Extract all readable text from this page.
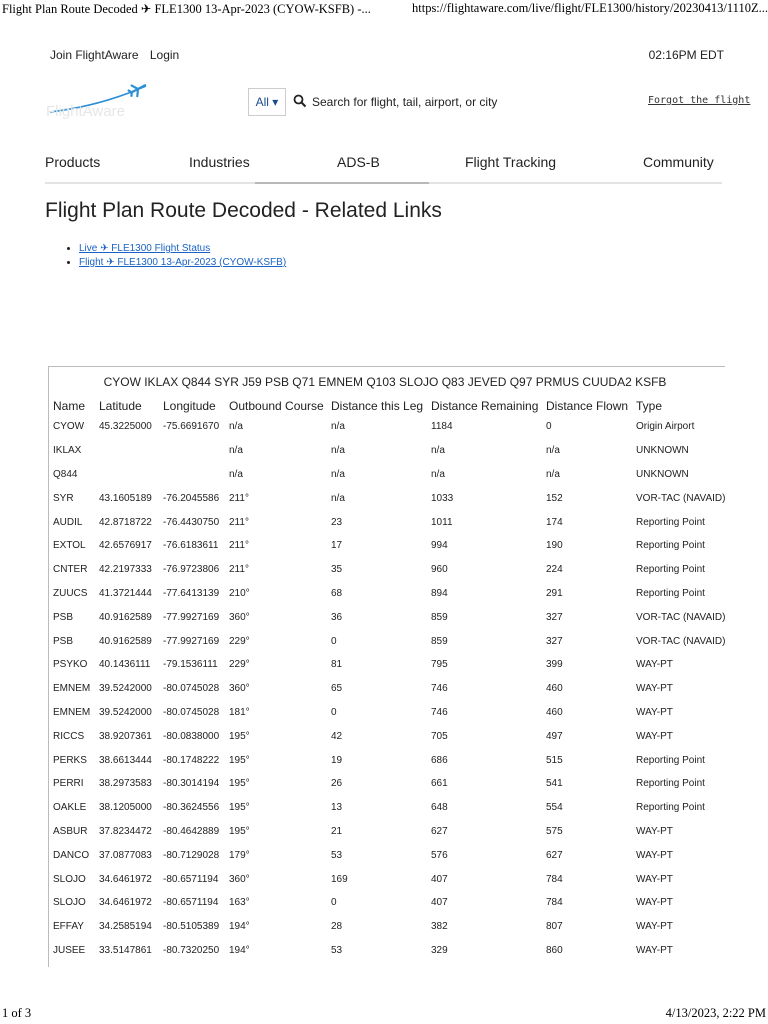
Flight Plan Route Decoded ✈ FLE1300 13-Apr-2023 (CYOW-KSFB) -...	https://flightaware.com/live/flight/FLE1300/history/20230413/1110Z...
Join FlightAware Login	02:16PM EDT
FlightAware
All ▾	Search for flight, tail, airport, or city	Forgot the flight
Products	Industries	ADS-B	Flight Tracking	Community
Flight Plan Route Decoded - Related Links
• Live ✈ FLE1300 Flight Status
• Flight ✈ FLE1300 13-Apr-2023 (CYOW-KSFB)
CYOW IKLAX Q844 SYR J59 PSB Q71 EMNEM Q103 SLOJO Q83 JEVED Q97 PRMUS CUUDA2 KSFB
Name	Latitude	Longitude	Outbound Course	Distance this Leg	Distance Remaining	Distance Flown	Type
CYOW	45.3225000	-75.6691670	n/a	n/a	1184	0	Origin Airport
IKLAX			n/a	n/a	n/a	n/a	UNKNOWN
Q844			n/a	n/a	n/a	n/a	UNKNOWN
SYR	43.1605189	-76.2045586	211°	n/a	1033	152	VOR-TAC (NAVAID)
AUDIL	42.8718722	-76.4430750	211°	23	1011	174	Reporting Point
EXTOL	42.6576917	-76.6183611	211°	17	994	190	Reporting Point
CNTER	42.2197333	-76.9723806	211°	35	960	224	Reporting Point
ZUUCS	41.3721444	-77.6413139	210°	68	894	291	Reporting Point
PSB	40.9162589	-77.9927169	360°	36	859	327	VOR-TAC (NAVAID)
PSB	40.9162589	-77.9927169	229°	0	859	327	VOR-TAC (NAVAID)
PSYKO	40.1436111	-79.1536111	229°	81	795	399	WAY-PT
EMNEM	39.5242000	-80.0745028	360°	65	746	460	WAY-PT
EMNEM	39.5242000	-80.0745028	181°	0	746	460	WAY-PT
RICCS	38.9207361	-80.0838000	195°	42	705	497	WAY-PT
PERKS	38.6613444	-80.1748222	195°	19	686	515	Reporting Point
PERRI	38.2973583	-80.3014194	195°	26	661	541	Reporting Point
OAKLE	38.1205000	-80.3624556	195°	13	648	554	Reporting Point
ASBUR	37.8234472	-80.4642889	195°	21	627	575	WAY-PT
DANCO	37.0877083	-80.7129028	179°	53	576	627	WAY-PT
SLOJO	34.6461972	-80.6571194	360°	169	407	784	WAY-PT
SLOJO	34.6461972	-80.6571194	163°	0	407	784	WAY-PT
EFFAY	34.2585194	-80.5105389	194°	28	382	807	WAY-PT
JUSEE	33.5147861	-80.7320250	194°	53	329	860	WAY-PT
1 of 3	4/13/2023, 2:22 PM
